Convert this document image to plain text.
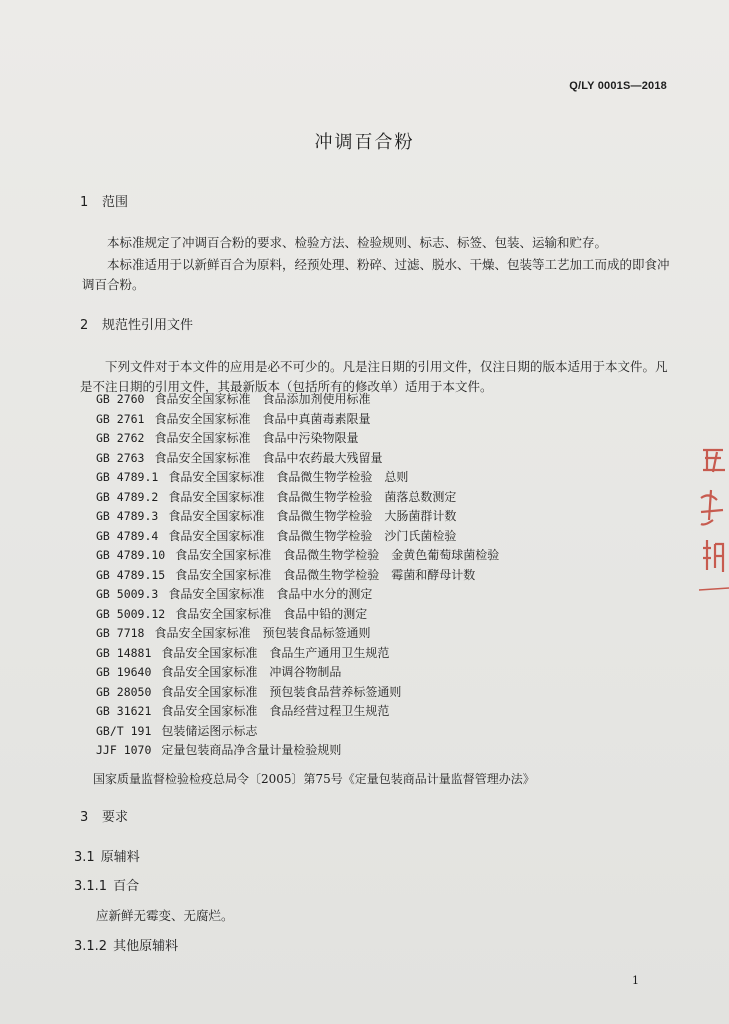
Q/LY 0001S—2018
冲调百合粉
1 范围
本标准规定了冲调百合粉的要求、检验方法、检验规则、标志、标签、包装、运输和贮存。
本标准适用于以新鲜百合为原料，经预处理、粉碎、过滤、脱水、干燥、包装等工艺加工而成的即食冲调百合粉。
2 规范性引用文件
下列文件对于本文件的应用是必不可少的。凡是注日期的引用文件，仅注日期的版本适用于本文件。凡是不注日期的引用文件，其最新版本（包括所有的修改单）适用于本文件。
GB 2760 食品安全国家标准 食品添加剂使用标准
GB 2761 食品安全国家标准 食品中真菌毒素限量
GB 2762 食品安全国家标准 食品中污染物限量
GB 2763 食品安全国家标准 食品中农药最大残留量
GB 4789.1 食品安全国家标准 食品微生物学检验 总则
GB 4789.2 食品安全国家标准 食品微生物学检验 菌落总数测定
GB 4789.3 食品安全国家标准 食品微生物学检验 大肠菌群计数
GB 4789.4 食品安全国家标准 食品微生物学检验 沙门氏菌检验
GB 4789.10 食品安全国家标准 食品微生物学检验 金黄色葡萄球菌检验
GB 4789.15 食品安全国家标准 食品微生物学检验 霉菌和酵母计数
GB 5009.3 食品安全国家标准 食品中水分的测定
GB 5009.12 食品安全国家标准 食品中铅的测定
GB 7718 食品安全国家标准 预包装食品标签通则
GB 14881 食品安全国家标准 食品生产通用卫生规范
GB 19640 食品安全国家标准 冲调谷物制品
GB 28050 食品安全国家标准 预包装食品营养标签通则
GB 31621 食品安全国家标准 食品经营过程卫生规范
GB/T 191 包装储运图示标志
JJF 1070 定量包装商品净含量计量检验规则
国家质量监督检验检疫总局令〔2005〕第75号《定量包装商品计量监督管理办法》
3 要求
3.1 原辅料
3.1.1 百合
应新鲜无霉变、无腐烂。
3.1.2 其他原辅料
1
